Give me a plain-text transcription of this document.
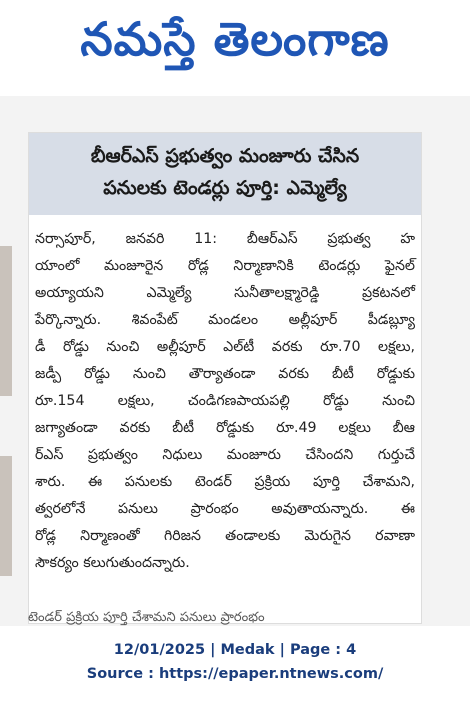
నమస్తే తెలంగాణ
బీఆర్‌ఎస్‌ ప్రభుత్వం మంజూరు చేసిన
పనులకు టెండర్లు పూర్తి: ఎమ్మెల్యే
నర్సాపూర్‌, జనవరి 11: బీఆర్‌ఎస్‌ ప్రభుత్వ హ
యాంలో మంజూరైన రోడ్ల నిర్మాణానికి టెండర్లు ఫైనల్‌
అయ్యాయని ఎమ్మెల్యే సునీతాలక్ష్మారెడ్డి ప్రకటనలో
పేర్కొన్నారు. శివంపేట్‌ మండలం అల్లీపూర్‌ పీడబ్ల్యూ
డీ రోడ్డు నుంచి అల్లీపూర్‌ ఎల్‌టీ వరకు రూ.70 లక్షలు,
జడ్పీ రోడ్డు నుంచి తౌర్యాతండా వరకు బీటీ రోడ్డుకు
రూ.154 లక్షలు, చండిగణపాయపల్లి రోడ్డు నుంచి
జగ్యాతండా వరకు బీటీ రోడ్డుకు రూ.49 లక్షలు బీఆ
ర్‌ఎస్‌ ప్రభుత్వం నిధులు మంజూరు చేసిందని గుర్తుచే
శారు. ఈ పనులకు టెండర్‌ ప్రక్రియ పూర్తి చేశామని,
త్వరలోనే పనులు ప్రారంభం అవుతాయన్నారు. ఈ
రోడ్ల నిర్మాణంతో గిరిజన తండాలకు మెరుగైన రవాణా
సౌకర్యం కలుగుతుందన్నారు.
టెండర్‌ ప్రక్రియ పూర్తి చేశామని పనులు ప్రారంభం
12/01/2025 | Medak | Page : 4
Source : https://epaper.ntnews.com/
